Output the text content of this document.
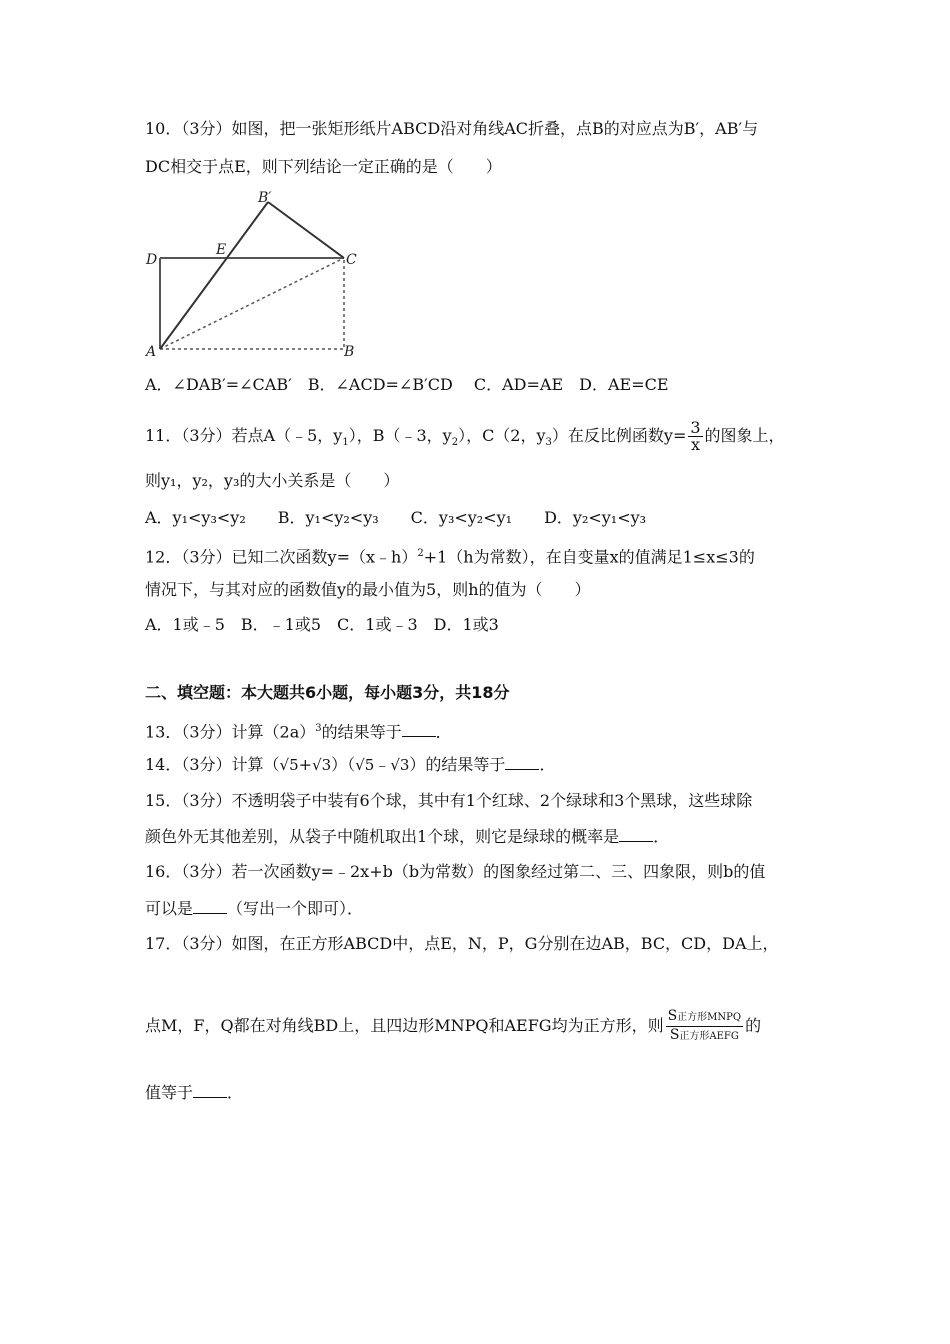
10．（3分）如图，把一张矩形纸片ABCD沿对角线AC折叠，点B的对应点为B′，AB′与
DC相交于点E，则下列结论一定正确的是（　　）
D
E
C
A	B
B′
A．∠DAB′=∠CAB′　B．∠ACD=∠B′CD　 C．AD=AE　D．AE=CE
11．（3分）若点A（﹣5，$y_1$），B（﹣3，$y_2$），C（2，$y_3$）在反比例函数$y= \frac{3}{x}$ 的图象上，
则y₁，y₂，y₃的大小关系是（　　）
A．y₁<y₃<y₂　　B．y₁<y₂<y₃　　C．y₃<y₂<y₁　　D．y₂<y₁<y₃
12．（3分）已知二次函数y=（x﹣h）$^2$+1（h为常数），在自变量x的值满足1≤x≤3的
情况下，与其对应的函数值y的最小值为5，则h的值为（　　）
A．1或﹣5　B．﹣1或5　C．1或﹣3　D．1或3
二、填空题：本大题共6小题，每小题3分，共18分
13．（3分）计算$(2a)^3$的结果等于 ．
14．（3分）计算（√5+√3）（√5﹣√3）的结果等于 ．
15．（3分）不透明袋子中装有6个球，其中有1个红球、2个绿球和3个黑球，这些球除
颜色外无其他差别，从袋子中随机取出1个球，则它是绿球的概率是 ．
16．（3分）若一次函数y=﹣2x+b（b为常数）的图象经过第二、三、四象限，则b的值
可以是 （写出一个即可）．
17．（3分）如图，在正方形ABCD中，点E，N，P，G分别在边AB，BC，CD，DA上，
点M，F，Q都在对角线BD上，且四边形MNPQ和AEFG均为正方形，则 $\frac{\text{S正方形MNPQ}}{\text{S正方形AEFG}}$ 的
值等于 ．
